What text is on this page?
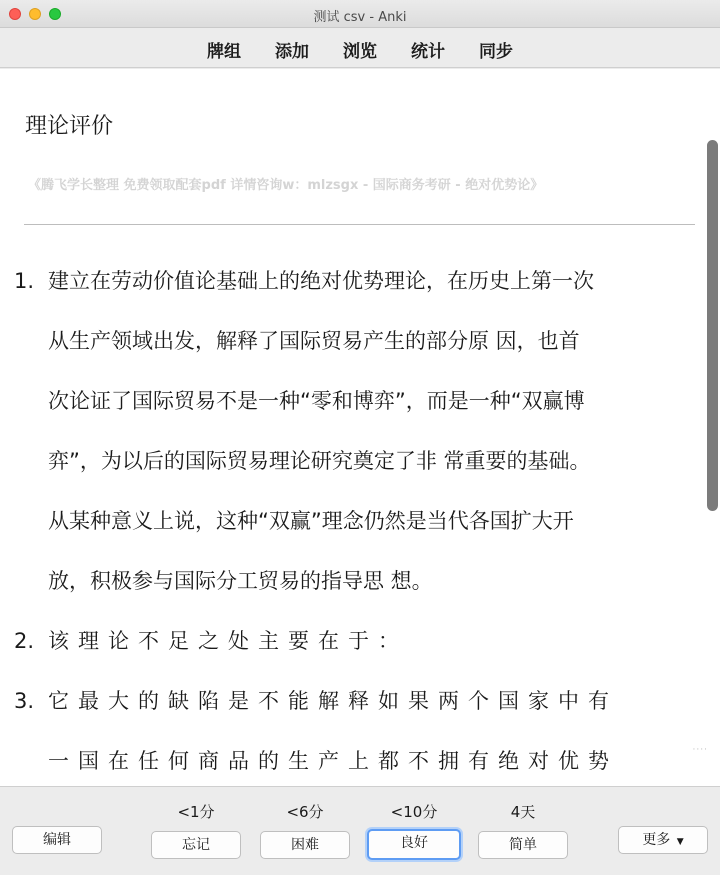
测试 csv - Anki
牌组 添加 浏览 统计 同步
理论评价
《腾飞学长整理 免费领取配套pdf 详情咨询w：mlzsgx - 国际商务考研 - 绝对优势论》
1. 建立在劳动价值论基础上的绝对优势理论，在历史上第一次
从生产领域出发，解释了国际贸易产生的部分原 因，也首
次论证了国际贸易不是一种“零和博弈”，而是一种“双赢博
弈”，为以后的国际贸易理论研究奠定了非 常重要的基础。
从某种意义上说，这种“双赢”理念仍然是当代各国扩大开
放，积极参与国际分工贸易的指导思 想。
2. 该理论不足之处主要在于：
3. 它最大的缺陷是不能解释如果两个国家中有
一国在任何商品的生产上都不拥有绝对优势	····
编辑
<1分	<6分	<10分	4天
忘记	困难	良好	简单	更多 ▼
